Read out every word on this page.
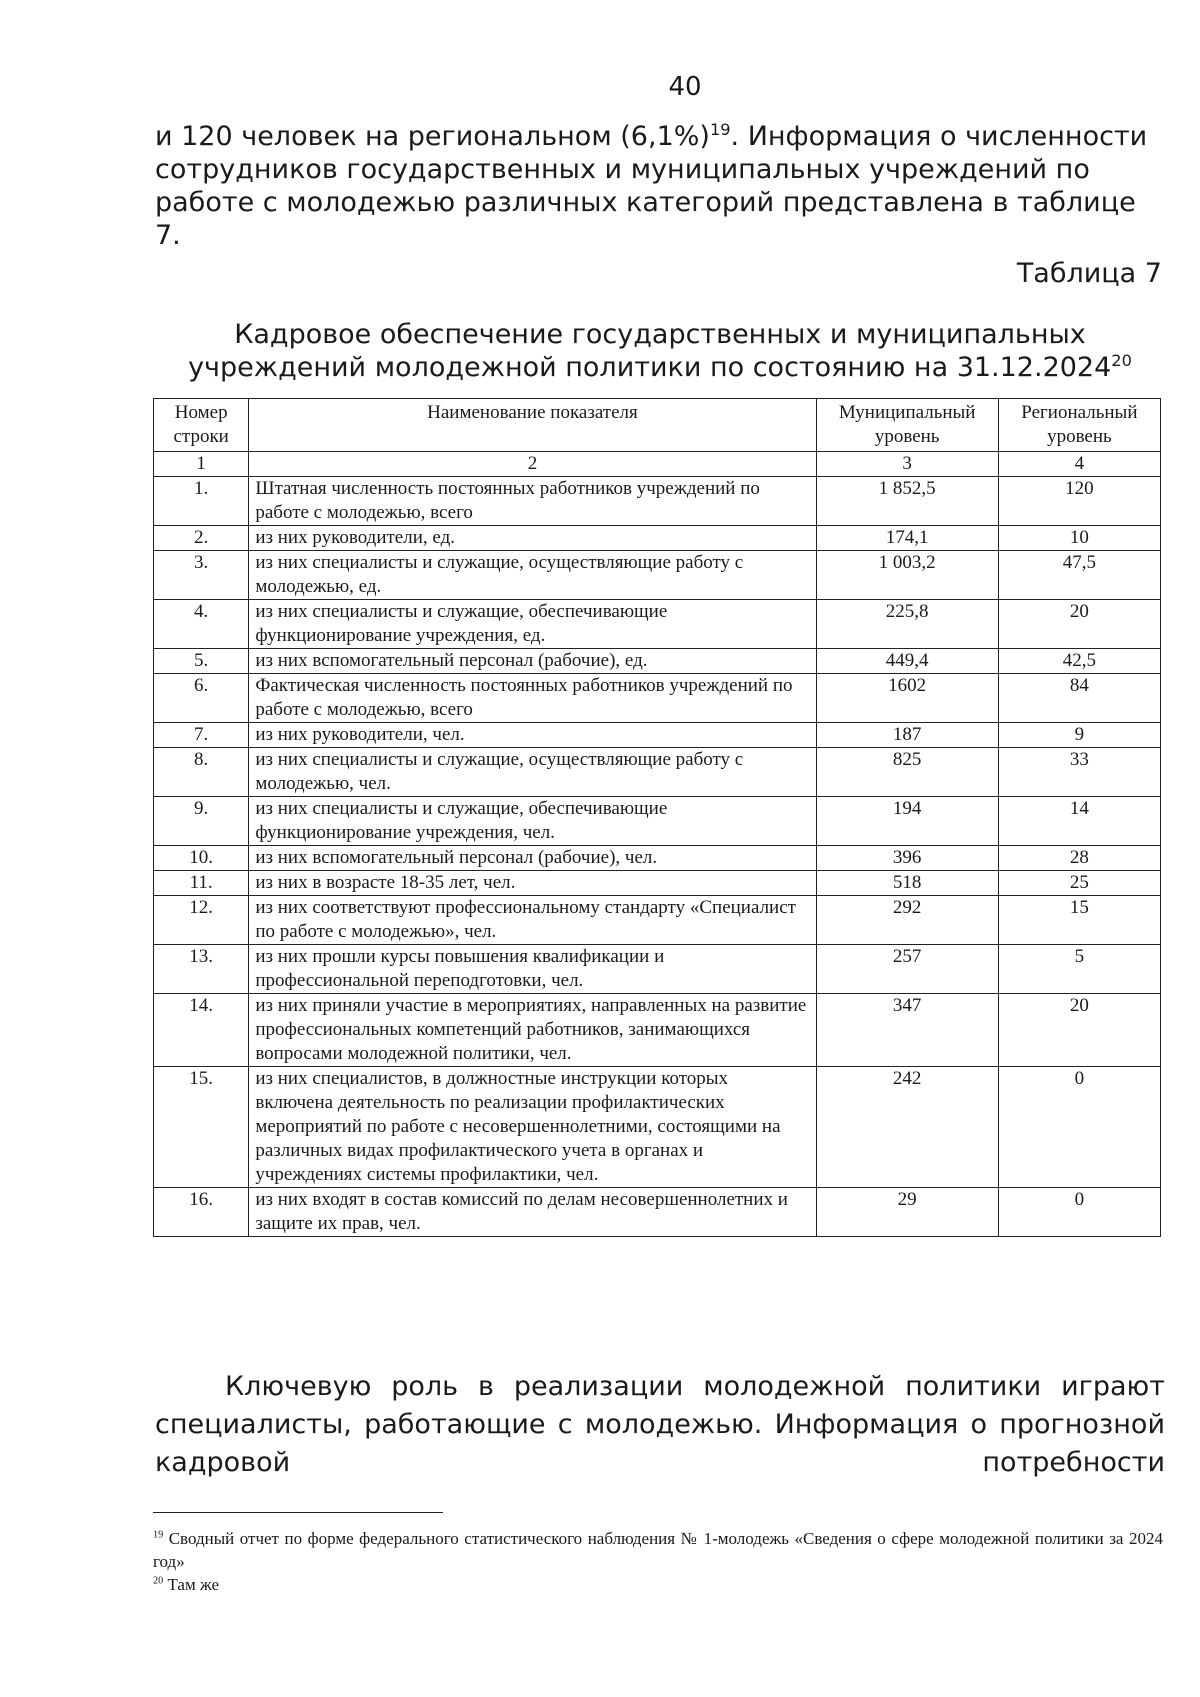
40
и 120 человек на региональном $(6,1\%)^{19}$. Информация о численности сотрудников государственных и муниципальных учреждений по работе с молодежью различных категорий представлена в таблице 7.
Таблица 7
Кадровое обеспечение государственных и муниципальных
учреждений молодежной политики по состоянию на 31.12.2024$^{20}$
Номер строки	Наименование показателя	Муниципальный уровень	Региональный уровень
1	2	3	4
1.	Штатная численность постоянных работников учреждений по работе с молодежью, всего	1 852,5	120
2.	из них руководители, ед.	174,1	10
3.	из них специалисты и служащие, осуществляющие работу с молодежью, ед.	1 003,2	47,5
4.	из них специалисты и служащие, обеспечивающие функционирование учреждения, ед.	225,8	20
5.	из них вспомогательный персонал (рабочие), ед.	449,4	42,5
6.	Фактическая численность постоянных работников учреждений по работе с молодежью, всего	1602	84
7.	из них руководители, чел.	187	9
8.	из них специалисты и служащие, осуществляющие работу с молодежью, чел.	825	33
9.	из них специалисты и служащие, обеспечивающие функционирование учреждения, чел.	194	14
10.	из них вспомогательный персонал (рабочие), чел.	396	28
11.	из них в возрасте 18-35 лет, чел.	518	25
12.	из них соответствуют профессиональному стандарту «Специалист по работе с молодежью», чел.	292	15
13.	из них прошли курсы повышения квалификации и профессиональной переподготовки, чел.	257	5
14.	из них приняли участие в мероприятиях, направленных на развитие профессиональных компетенций работников, занимающихся вопросами молодежной политики, чел.	347	20
15.	из них специалистов, в должностные инструкции которых включена деятельность по реализации профилактических мероприятий по работе с несовершеннолетними, состоящими на различных видах профилактического учета в органах и учреждениях системы профилактики, чел.	242	0
16.	из них входят в состав комиссий по делам несовершеннолетних и защите их прав, чел.	29	0
Ключевую роль в реализации молодежной политики играют специалисты, работающие с молодежью. Информация о прогнозной кадровой потребности
$^{19}$ Сводный отчет по форме федерального статистического наблюдения № 1-молодежь «Сведения о сфере молодежной политики за 2024 год»
$^{20}$ Там же
